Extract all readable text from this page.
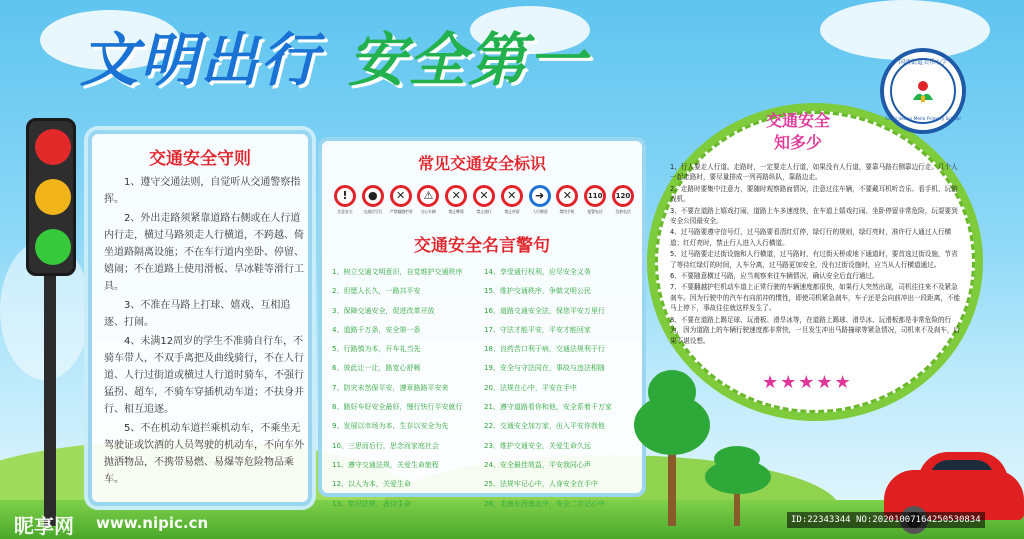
文明出行 安全第一
交通安全守则

1、遵守交通法则，自觉听从交通警察指挥。

2、外出走路须紧靠道路右侧或在人行道内行走，横过马路须走人行横道，不跨越、倚坐道路隔离设施；不在车行道内坐卧、停留、嬉闹；不在道路上使用滑板、旱冰鞋等滑行工具。

3、不准在马路上打球、嬉戏、互相追逐、打闹。

4、未满12周岁的学生不准骑自行车，不骑车带人，不双手离把及曲线骑行，不在人行道、人行过街道或横过人行道时骑车，不强行猛拐、超车，不骑车穿插机动车道；不扶身并行、相互追逐。

5、不在机动车道拦乘机动车，不乘坐无驾驶证或饮酒的人员驾驶的机动车，不向车外抛洒物品，不携带易燃、易爆等危险物品乘车。

常见交通安全标识
!
注意安全
●
交通信号灯
✕
严禁翻越栏杆
⚠
当心车辆
✕
禁止攀爬
✕
禁止通行
✕
禁止停留
➜
人行横道
✕
禁用手机
110
报警电话
120
急救电话
交通安全名言警句
1、树立交通文明意识，自觉维护交通秩序
2、但愿人长久，一路共平安
3、保障交通安全，促进改革开放
4、道路千万条，安全第一条
5、行路慎为本，开车礼当先
6、彼此让一让，路宽心舒畅
7、防灾未然保平安，遵章路路平安来
8、路好车好安全最好，慢行快行平安就行
9、发展以市场为本，生存以安全为先
10、三思而后行，思念而家庭社会
11、遵守交通法规，关爱生命旅程
12、以人为本，关爱生命
13、铭记法规，善待生命
14、享受通行权利，应尽安全义务
15、维护交通秩序，争做文明公民
16、道路交通安全法，保您平安万里行
17、守法才能平安，平安才能回家
18、良药苦口利于病，交通法规利于行
19、安全与守法同在，事故与违法相随
20、法规在心中，平安在手中
21、遵守道路看你和他，安全系着千万家
22、交通安全加万家，出入平安你我他
23、维护交通安全，关爱生命久远
24、安全最佳效益，平安我同心声
25、法规牢记心中，人身安全在手中
26、走南东西南北中，安全二字记心中
交通安全
知多少

1、行人要走人行道。走路时，一定要走人行道，如果没有人行道，要靠马路右侧靠边行走。几个人一起走路时，要尽量排成一列再路纵队，靠路边走。

2、走路时要集中注意力，要随时观察路面情况，注意过往车辆，不要戴耳机听音乐、看手机、玩游戏机。

3、不要在道路上嬉戏打闹，道路上车多速度快，在车道上嬉戏打闹、坐卧停留非常危险，玩耍要到安全公园最安全。

4、过马路要遵守信号灯，过马路要看清红灯停，绿灯行的规则，绿灯亮时，准许行人通过人行横道；红灯亮时，禁止行人进入人行横道。

5、过马路要走过街设施和人行横道，过马路时，有过街天桥或地下通道时，要首选过街设施，节省了等待红绿灯的时间，人车分离，过马路更加安全，没有过街设施时，应当从人行横道通过。

6、不要随意横过马路，应当观察来往车辆情况，确认安全后直行通过。

7、不要翻越护栏机动车道上正常行驶的车辆速度都很快，如果行人突然出现，司机往往来不及紧急刹车。因为行驶中的汽车有向前冲的惯性，即使司机紧急刹车，车子还是会向前冲出一段距离，不能马上停下，事故往往就这样发生了。

8、不要在道路上踢足球、玩滑板、滑旱冰等，在道路上踢球、滑旱冰、玩滑板都是非常危险的行为，因为道路上的车辆行驶速度都非常快，一旦发生冲出马路撞球等紧急情况，司机来不及刹车，后果不堪设想。

★★★★★
国清街道美乐小学
Guoji Jiedao Meile Primary School
昵享网 www.nipic.cn	ID:22343344 NO:20201007164250530834
